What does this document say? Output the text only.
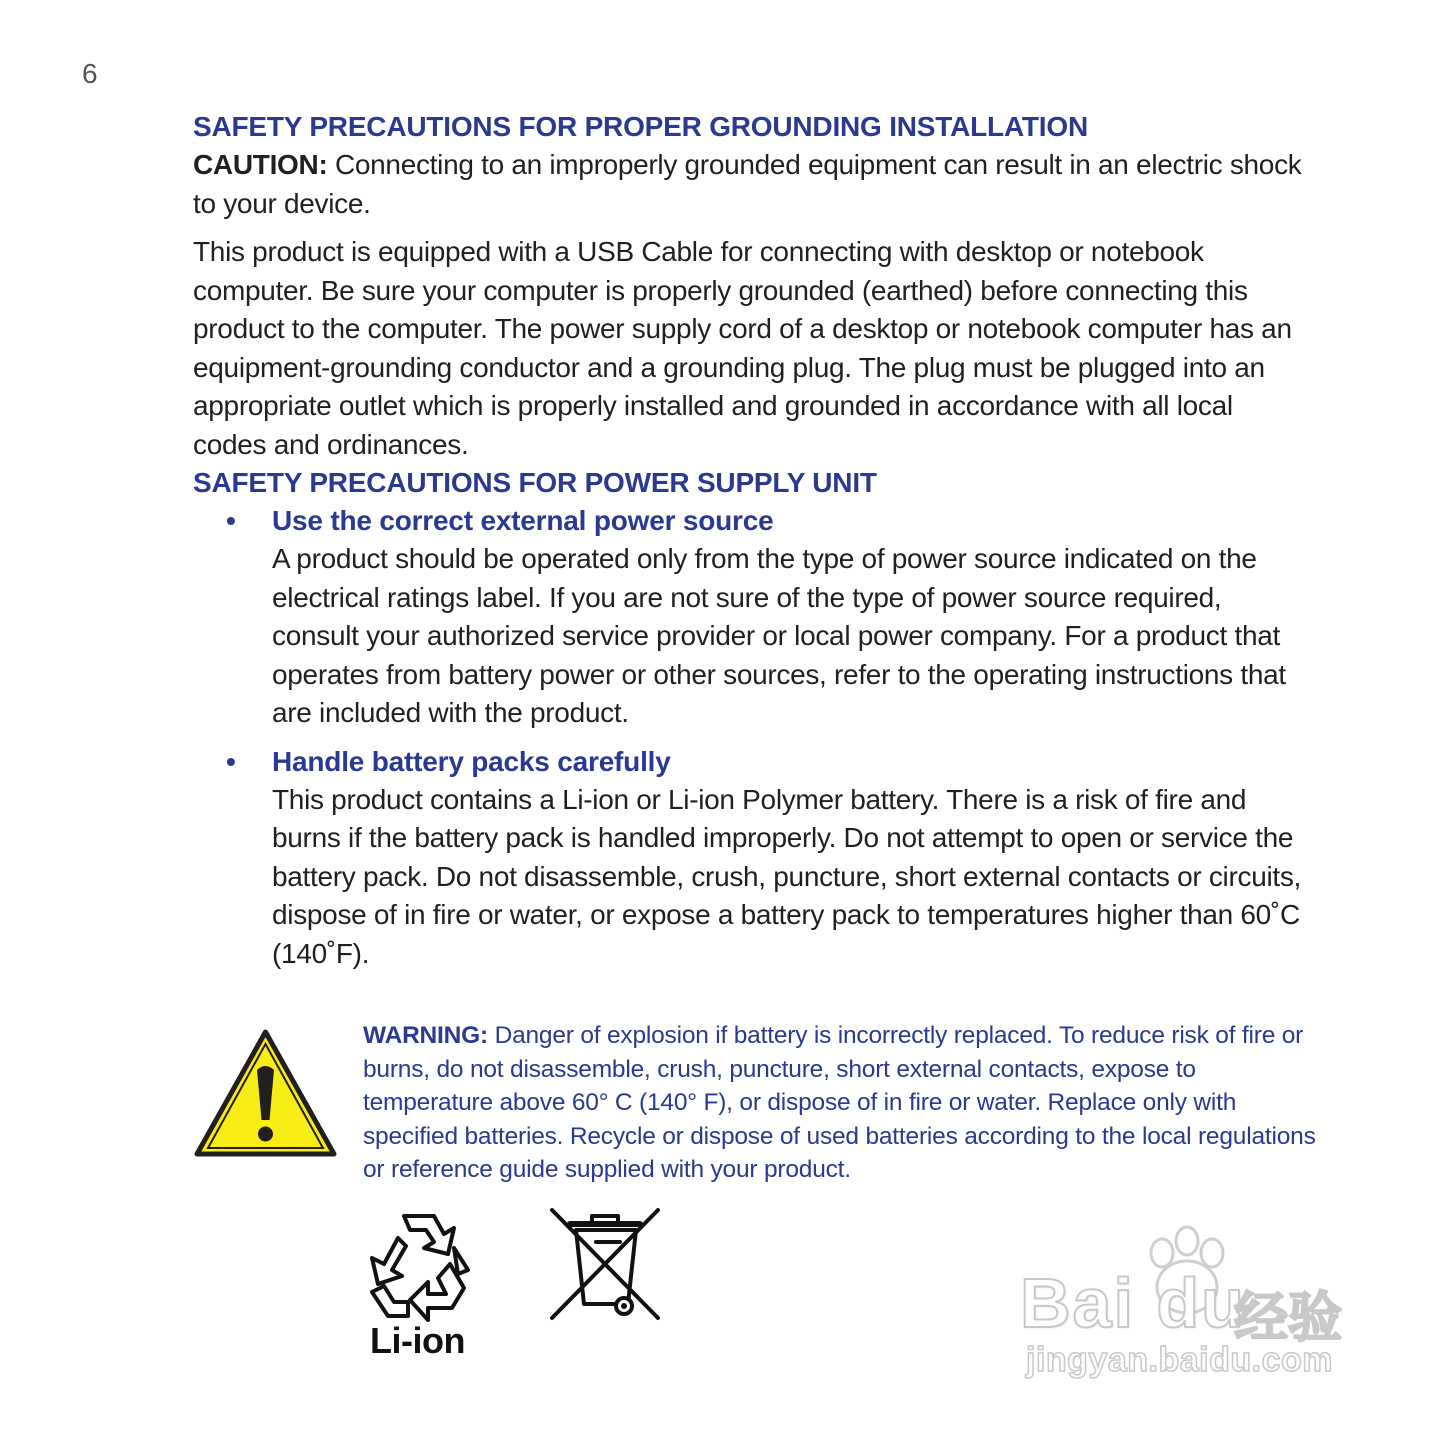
6
SAFETY PRECAUTIONS FOR PROPER GROUNDING INSTALLATION

CAUTION: Connecting to an improperly grounded equipment can result in an electric shock to your device.

This product is equipped with a USB Cable for connecting with desktop or notebook computer. Be sure your computer is properly grounded (earthed) before connecting this product to the computer. The power supply cord of a desktop or notebook computer has an equipment-grounding conductor and a grounding plug. The plug must be plugged into an appropriate outlet which is properly installed and grounded in accordance with all local codes and ordinances.

SAFETY PRECAUTIONS FOR POWER SUPPLY UNIT
• Use the correct external power source
A product should be operated only from the type of power source indicated on the electrical ratings label. If you are not sure of the type of power source required, consult your authorized service provider or local power company. For a product that operates from battery power or other sources, refer to the operating instructions that are included with the product.
• Handle battery packs carefully
This product contains a Li-ion or Li-ion Polymer battery. There is a risk of fire and burns if the battery pack is handled improperly. Do not attempt to open or service the battery pack. Do not disassemble, crush, puncture, short external contacts or circuits, dispose of in fire or water, or expose a battery pack to temperatures higher than 60˚C (140˚F).

WARNING: Danger of explosion if battery is incorrectly replaced. To reduce risk of fire or burns, do not disassemble, crush, puncture, short external contacts, expose to temperature above 60° C (140° F), or dispose of in fire or water. Replace only with specified batteries. Recycle or dispose of used batteries according to the local regulations or reference guide supplied with your product.

Li-ion	Bai du
经验
jingyan.baidu.com
